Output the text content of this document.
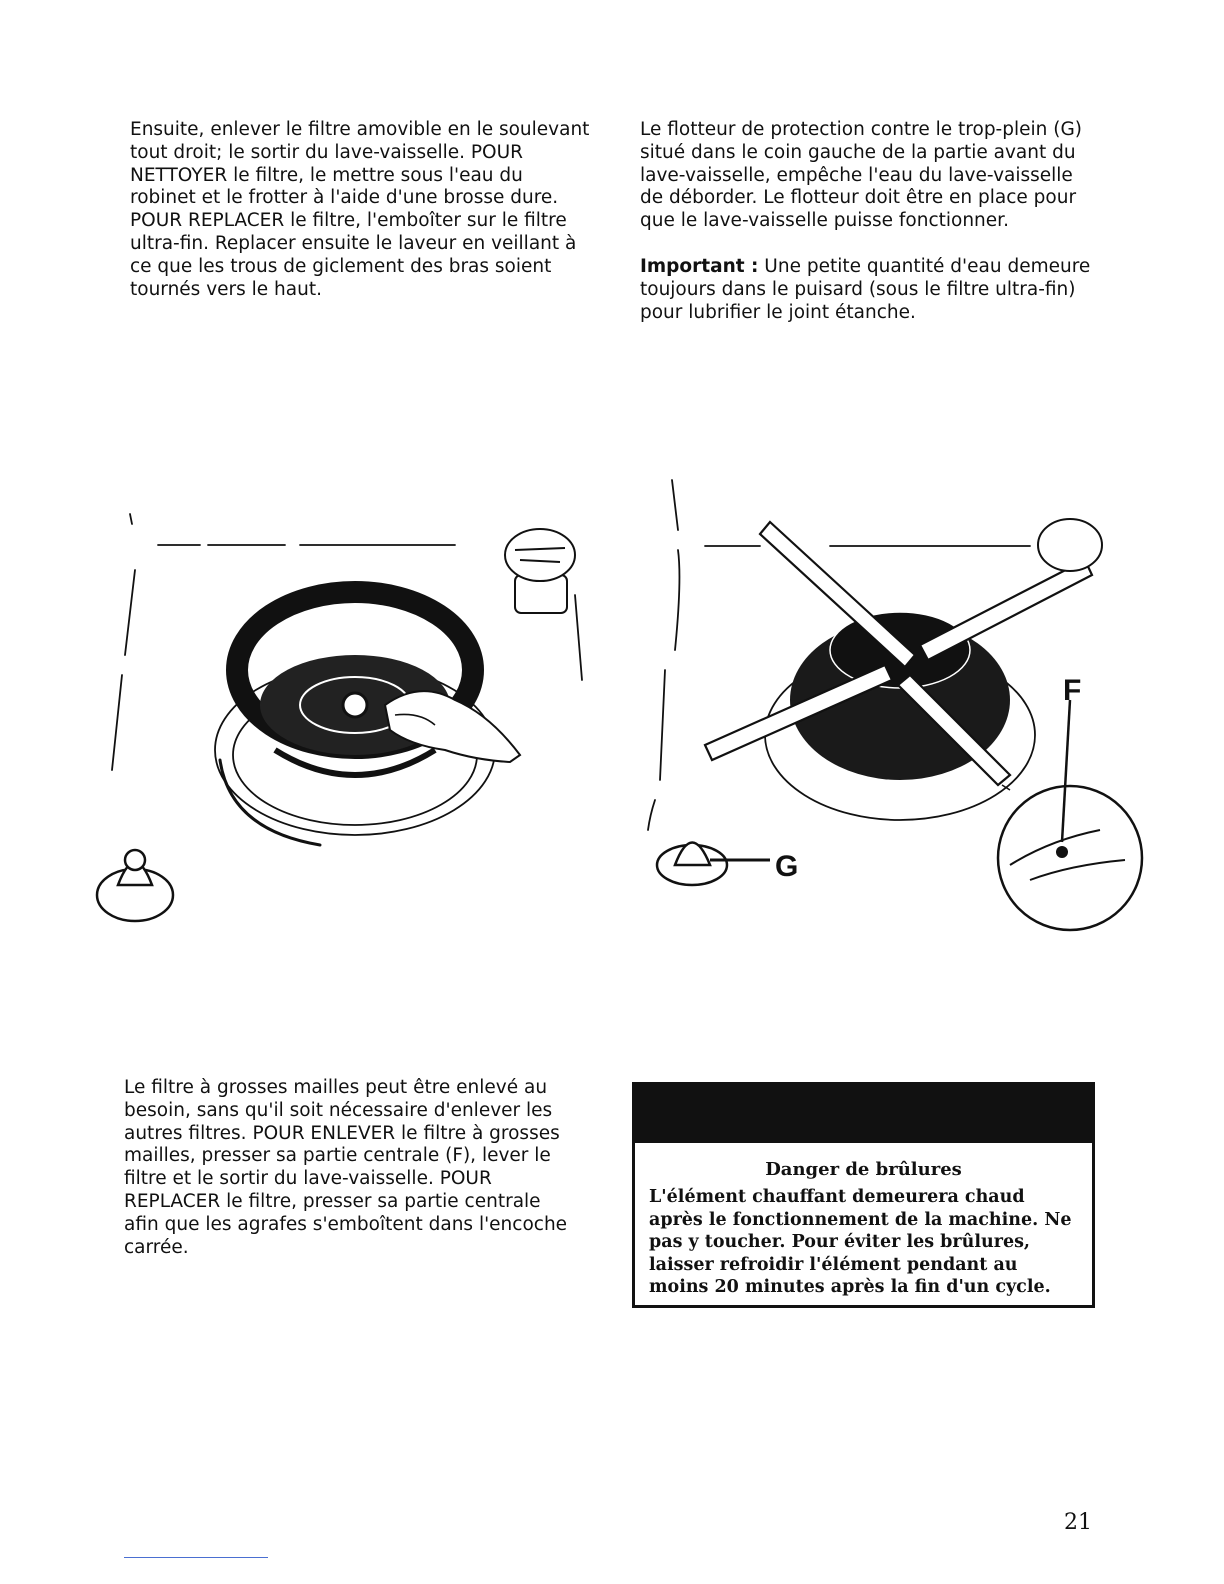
Ensuite, enlever le filtre amovible en le soulevant tout droit; le sortir du lave-vaisselle. POUR NETTOYER le filtre, le mettre sous l'eau du robinet et le frotter à l'aide d'une brosse dure. POUR REPLACER le filtre, l'emboîter sur le filtre ultra-fin. Replacer ensuite le laveur en veillant à ce que les trous de giclement des bras soient tournés vers le haut.

Le flotteur de protection contre le trop-plein (G) situé dans le coin gauche de la partie avant du lave-vaisselle, empêche l'eau du lave-vaisselle de déborder. Le flotteur doit être en place pour que le lave-vaisselle puisse fonctionner.

Important : Une petite quantité d'eau demeure toujours dans le puisard (sous le filtre ultra-fin) pour lubrifier le joint étanche.

F
G

Le filtre à grosses mailles peut être enlevé au besoin, sans qu'il soit nécessaire d'enlever les autres filtres. POUR ENLEVER le filtre à grosses mailles, presser sa partie centrale (F), lever le filtre et le sortir du lave-vaisselle. POUR REPLACER le filtre, presser sa partie centrale afin que les agrafes s'emboîtent dans l'encoche carrée.

Danger de brûlures
L'élément chauffant demeurera chaud après le fonctionnement de la machine. Ne pas y toucher. Pour éviter les brûlures, laisser refroidir l'élément pendant au moins 20 minutes après la fin d'un cycle.
21
